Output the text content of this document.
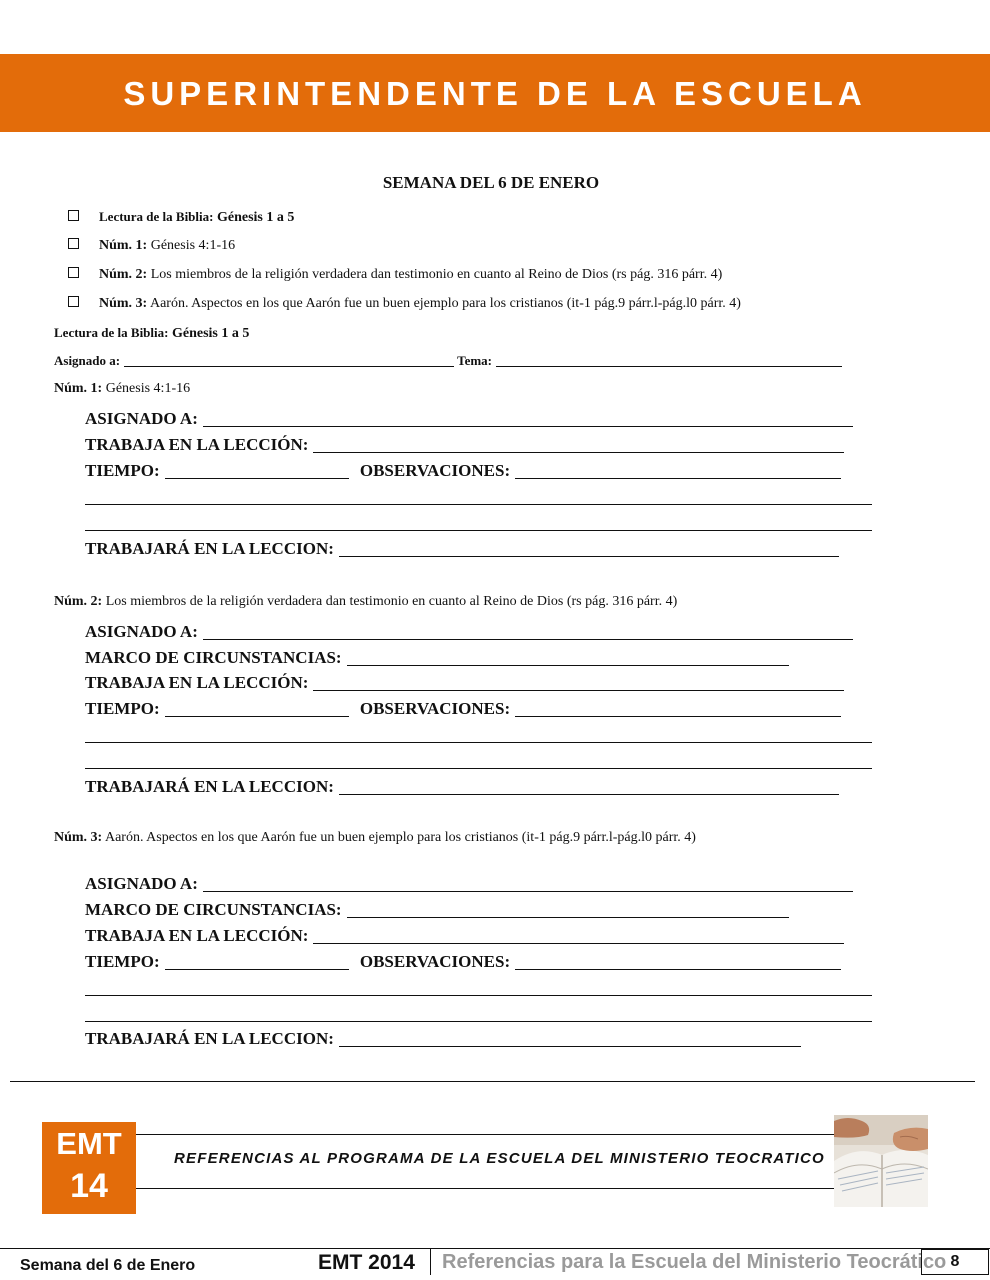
SUPERINTENDENTE DE LA ESCUELA
SEMANA DEL 6 DE ENERO
Lectura de la Biblia: Génesis 1 a 5
Núm. 1: Génesis 4:1-16
Núm. 2: Los miembros de la religión verdadera dan testimonio en cuanto al Reino de Dios (rs pág. 316 párr. 4)
Núm. 3: Aarón. Aspectos en los que Aarón fue un buen ejemplo para los cristianos (it-1 pág.9 párr.l-pág.l0 párr. 4)
Lectura de la Biblia: Génesis 1 a 5
Asignado a:	Tema:
Núm. 1: Génesis 4:1-16
ASIGNADO A:
TRABAJA EN LA LECCIÓN:
TIEMPO:	OBSERVACIONES:
TRABAJARÁ EN LA LECCION:
Núm. 2: Los miembros de la religión verdadera dan testimonio en cuanto al Reino de Dios (rs pág. 316 párr. 4)
ASIGNADO A:
MARCO DE CIRCUNSTANCIAS:
TRABAJA EN LA LECCIÓN:
TIEMPO:	OBSERVACIONES:
TRABAJARÁ EN LA LECCION:
Núm. 3: Aarón. Aspectos en los que Aarón fue un buen ejemplo para los cristianos (it-1 pág.9 párr.l-pág.l0 párr. 4)
ASIGNADO A:
MARCO DE CIRCUNSTANCIAS:
TRABAJA EN LA LECCIÓN:
TIEMPO:	OBSERVACIONES:
TRABAJARÁ EN LA LECCION:
EMT
14
REFERENCIAS AL PROGRAMA DE LA ESCUELA DEL MINISTERIO TEOCRATICO
Semana del 6 de Enero	EMT 2014 Referencias para la Escuela del Ministerio Teocrático 8
